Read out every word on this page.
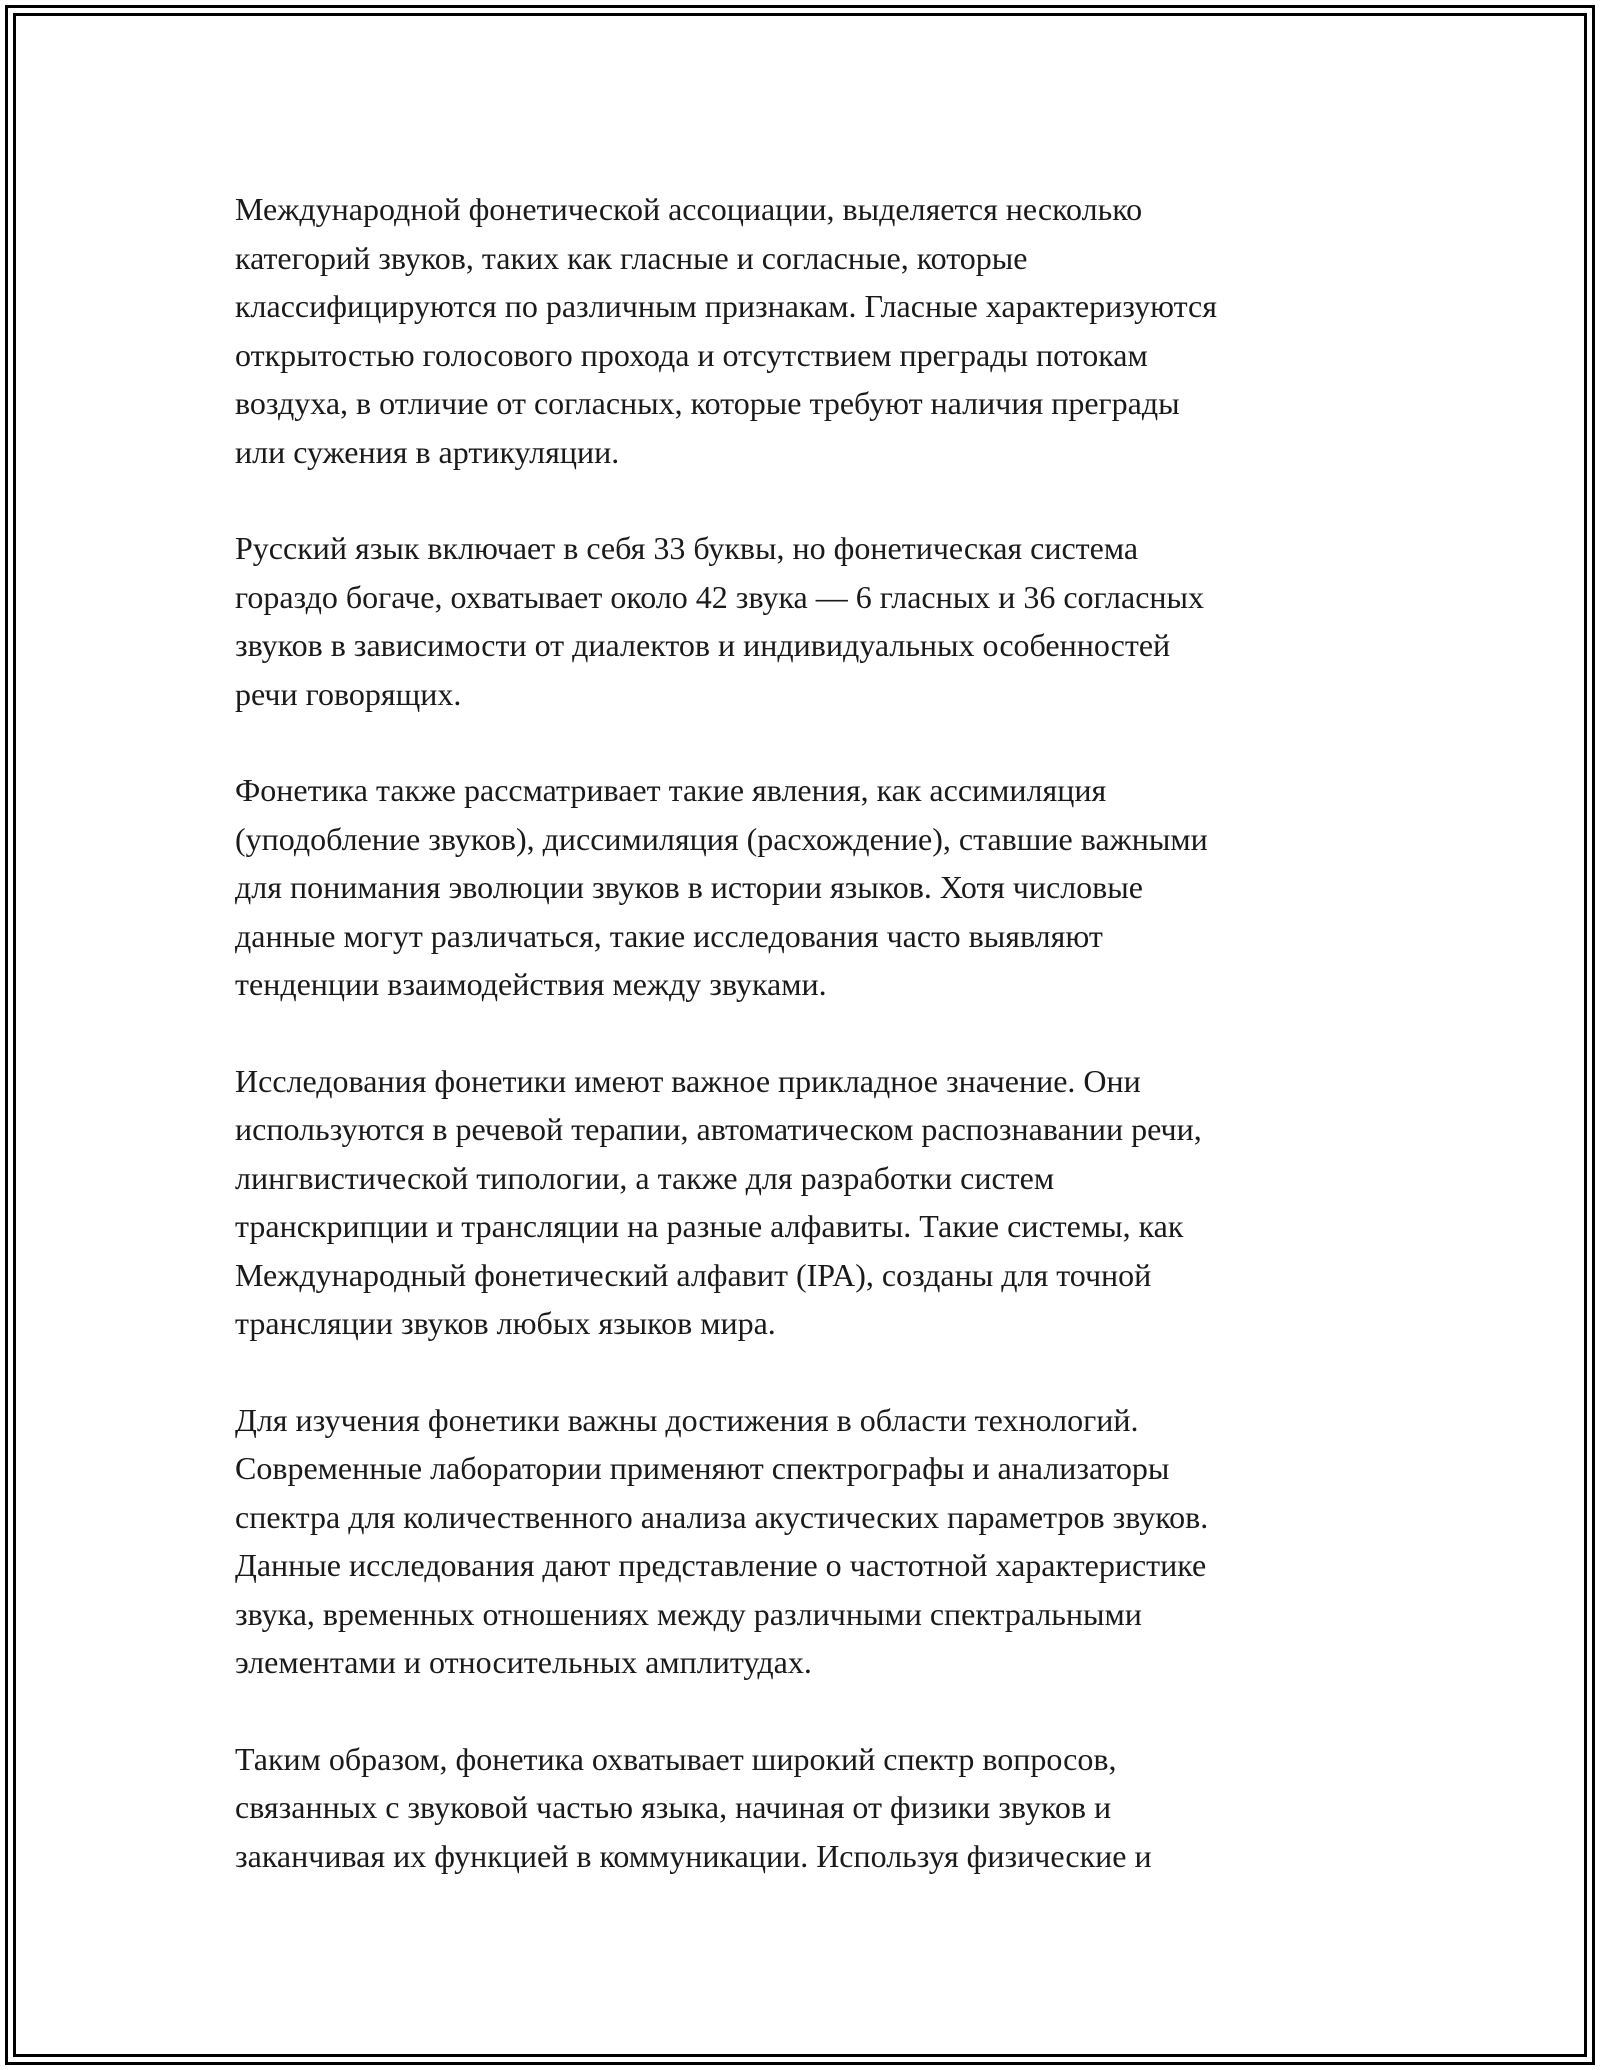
Международной фонетической ассоциации, выделяется несколько
категорий звуков, таких как гласные и согласные, которые
классифицируются по различным признакам. Гласные характеризуются
открытостью голосового прохода и отсутствием преграды потокам
воздуха, в отличие от согласных, которые требуют наличия преграды
или сужения в артикуляции.

Русский язык включает в себя 33 буквы, но фонетическая система
гораздо богаче, охватывает около 42 звука — 6 гласных и 36 согласных
звуков в зависимости от диалектов и индивидуальных особенностей
речи говорящих.

Фонетика также рассматривает такие явления, как ассимиляция
(уподобление звуков), диссимиляция (расхождение), ставшие важными
для понимания эволюции звуков в истории языков. Хотя числовые
данные могут различаться, такие исследования часто выявляют
тенденции взаимодействия между звуками.

Исследования фонетики имеют важное прикладное значение. Они
используются в речевой терапии, автоматическом распознавании речи,
лингвистической типологии, а также для разработки систем
транскрипции и трансляции на разные алфавиты. Такие системы, как
Международный фонетический алфавит (IPA), созданы для точной
трансляции звуков любых языков мира.

Для изучения фонетики важны достижения в области технологий.
Современные лаборатории применяют спектрографы и анализаторы
спектра для количественного анализа акустических параметров звуков.
Данные исследования дают представление о частотной характеристике
звука, временных отношениях между различными спектральными
элементами и относительных амплитудах.

Таким образом, фонетика охватывает широкий спектр вопросов,
связанных с звуковой частью языка, начиная от физики звуков и
заканчивая их функцией в коммуникации. Используя физические и
